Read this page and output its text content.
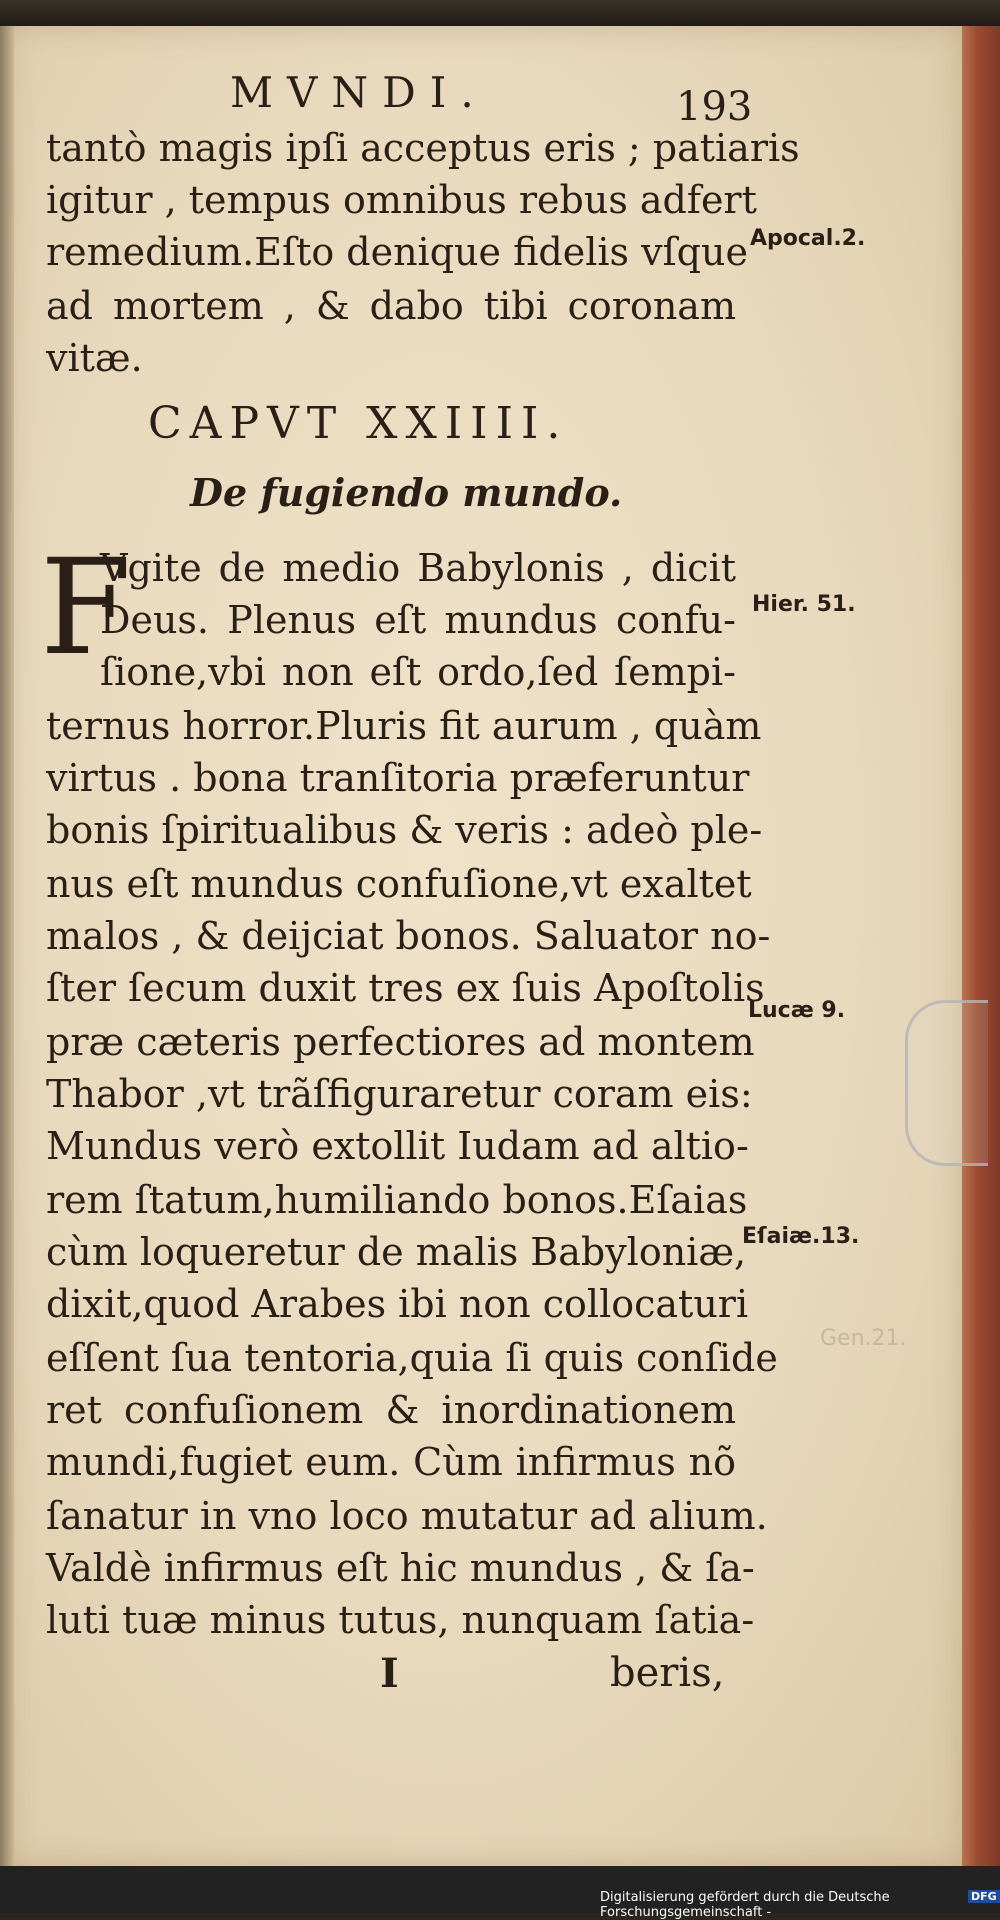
MVNDI.	193
tantò magis ipſi acceptus eris ; patiaris
igitur , tempus omnibus rebus adfert
remedium.Eſto denique fidelis vſque
ad mortem , & dabo tibi coronam
vitæ.
Apocal.2.
CAPVT XXIIII.
De fugiendo mundo.
F
Vgite de medio Babylonis , dicit
Deus. Plenus eſt mundus confu-
ſione,vbi non eſt ordo,ſed ſempi-
ternus horror.Pluris fit aurum , quàm
virtus . bona tranſitoria præferuntur
bonis ſpiritualibus & veris : adeò ple-
nus eſt mundus confuſione,vt exaltet
malos , & deijciat bonos. Saluator no-
ſter ſecum duxit tres ex ſuis Apoſtolis
præ cæteris perfectiores ad montem
Thabor ,vt trãſfiguraretur coram eis:
Mundus verò extollit Iudam ad altio-
rem ſtatum,humiliando bonos.Eſaias
cùm loqueretur de malis Babyloniæ,
dixit,quod Arabes ibi non collocaturi
eſſent ſua tentoria,quia ſi quis conſide
ret confuſionem & inordinationem
mundi,fugiet eum. Cùm infirmus nõ
ſanatur in vno loco mutatur ad alium.
Valdè infirmus eſt hic mundus , & ſa-
luti tuæ minus tutus, nunquam ſatia-
Hier. 51.
Lucæ 9.
Eſaiæ.13.
Gen.21.
I	beris,
Digitalisierung gefördert durch die Deutsche Forschungsgemeinschaft -
DFG
